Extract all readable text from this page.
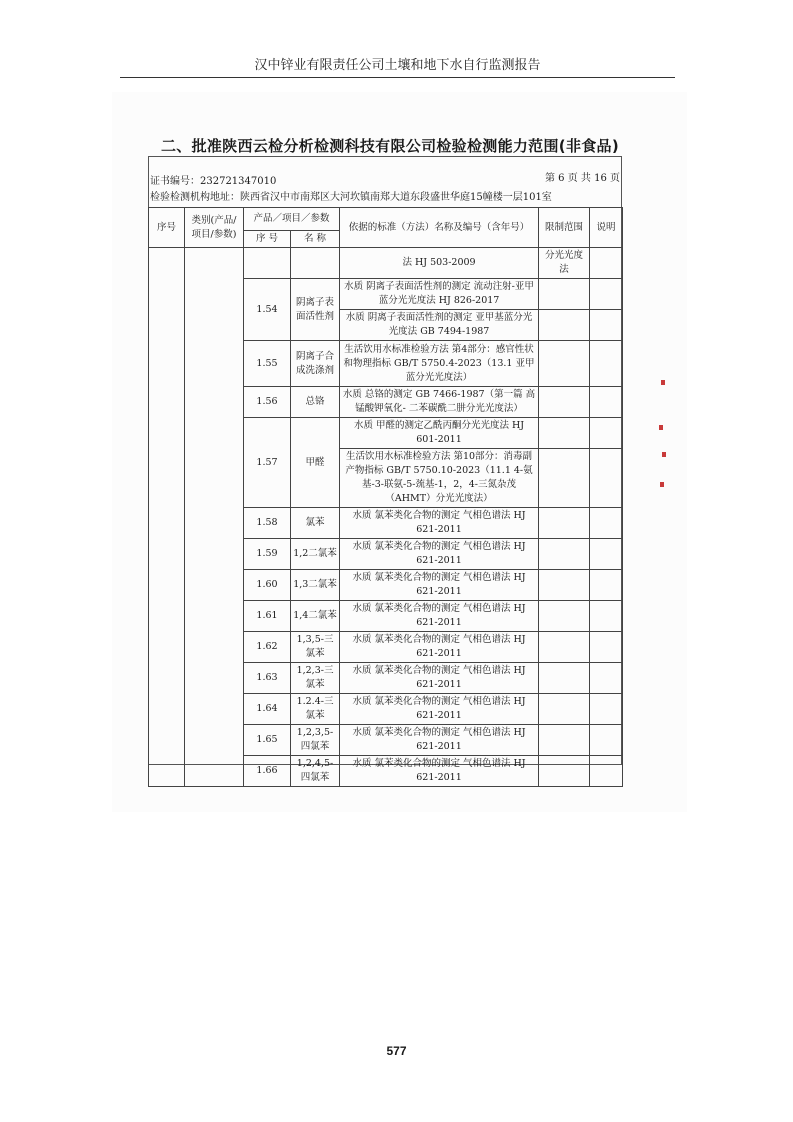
汉中锌业有限责任公司土壤和地下水自行监测报告
二、批准陕西云检分析检测科技有限公司检验检测能力范围(非食品)
证书编号：232721347010	第 6 页 共 16 页
检验检测机构地址：陕西省汉中市南郑区大河坎镇南郑大道东段盛世华庭15幢楼一层101室
序号	类别(产品/项目/参数)	产品／项目／参数		依据的标准（方法）名称及编号（含年号）	限制范围	说明
		序 号	名 称			
				法 HJ 503-2009	分光光度法	
		1.54	阴离子表面活性剂	水质 阴离子表面活性剂的测定 流动注射-亚甲蓝分光光度法 HJ 826-2017		
				水质 阴离子表面活性剂的测定 亚甲基蓝分光光度法 GB 7494-1987		
		1.55	阴离子合成洗涤剂	生活饮用水标准检验方法 第4部分：感官性状和物理指标 GB/T 5750.4-2023（13.1 亚甲蓝分光光度法）		
		1.56	总铬	水质 总铬的测定 GB 7466-1987（第一篇 高锰酸钾氧化- 二苯碳酰二肼分光光度法）		
		1.57	甲醛	水质 甲醛的测定乙酰丙酮分光光度法 HJ 601-2011		
				生活饮用水标准检验方法 第10部分：消毒副产物指标 GB/T 5750.10-2023（11.1 4-氨基-3-联氨-5-巯基-1，2，4-三氮杂茂（AHMT）分光光度法）		
		1.58	氯苯	水质 氯苯类化合物的测定 气相色谱法 HJ 621-2011		
		1.59	1,2二氯苯	水质 氯苯类化合物的测定 气相色谱法 HJ 621-2011		
		1.60	1,3二氯苯	水质 氯苯类化合物的测定 气相色谱法 HJ 621-2011		
		1.61	1,4二氯苯	水质 氯苯类化合物的测定 气相色谱法 HJ 621-2011		
		1.62	1,3,5-三氯苯	水质 氯苯类化合物的测定 气相色谱法 HJ 621-2011		
		1.63	1,2,3-三氯苯	水质 氯苯类化合物的测定 气相色谱法 HJ 621-2011		
		1.64	1.2.4-三氯苯	水质 氯苯类化合物的测定 气相色谱法 HJ 621-2011		
		1.65	1,2,3,5-四氯苯	水质 氯苯类化合物的测定 气相色谱法 HJ 621-2011		
		1.66	1,2,4,5-四氯苯	水质 氯苯类化合物的测定 气相色谱法 HJ 621-2011		
577
